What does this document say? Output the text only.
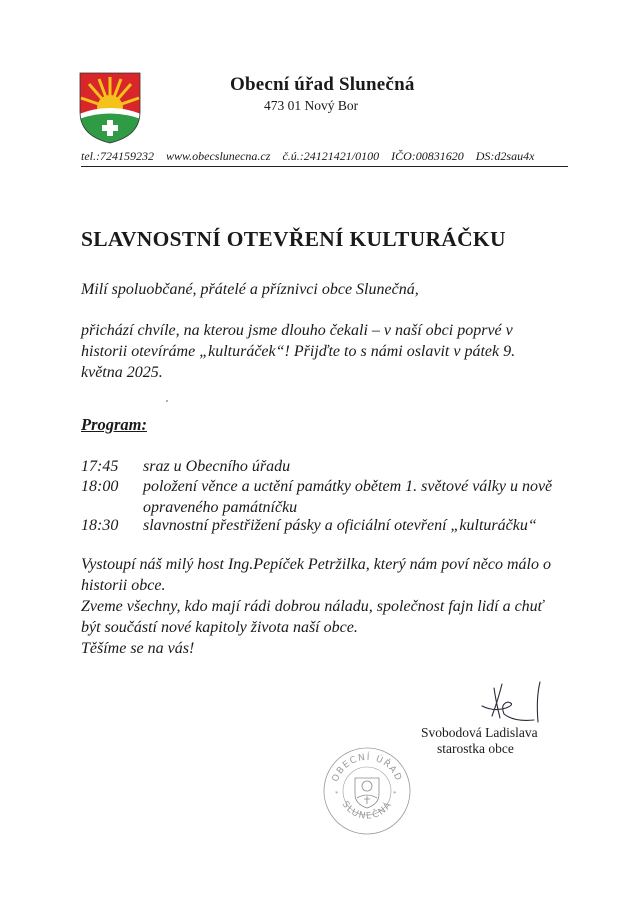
Obecní úřad Slunečná
473 01 Nový Bor
tel.:724159232 www.obecslunecna.cz č.ú.:24121421/0100 IČO:00831620 DS:d2sau4x
SLAVNOSTNÍ OTEVŘENÍ KULTURÁČKU
Milí spoluobčané, přátelé a příznivci obce Slunečná,
přichází chvíle, na kterou jsme dlouho čekali – v naší obci poprvé v historii otevíráme „kulturáček“! Přijďte to s námi oslavit v pátek 9. května 2025.
Program:
17:45	sraz u Obecního úřadu
18:00	položení věnce a uctění památky obětem 1. světové války u nově opraveného památníčku
18:30	slavnostní přestřižení pásky a oficiální otevření „kulturáčku“
Vystoupí náš milý host Ing.Pepíček Petržilka, který nám poví něco málo o historii obce.
Zveme všechny, kdo mají rádi dobrou náladu, společnost fajn lidí a chuť být součástí nové kapitoly života naší obce.
Těšíme se na vás!
Svobodová Ladislava
starostka obce
OBECNÍ ÚŘAD
SLUNEČNÁ
*	*
